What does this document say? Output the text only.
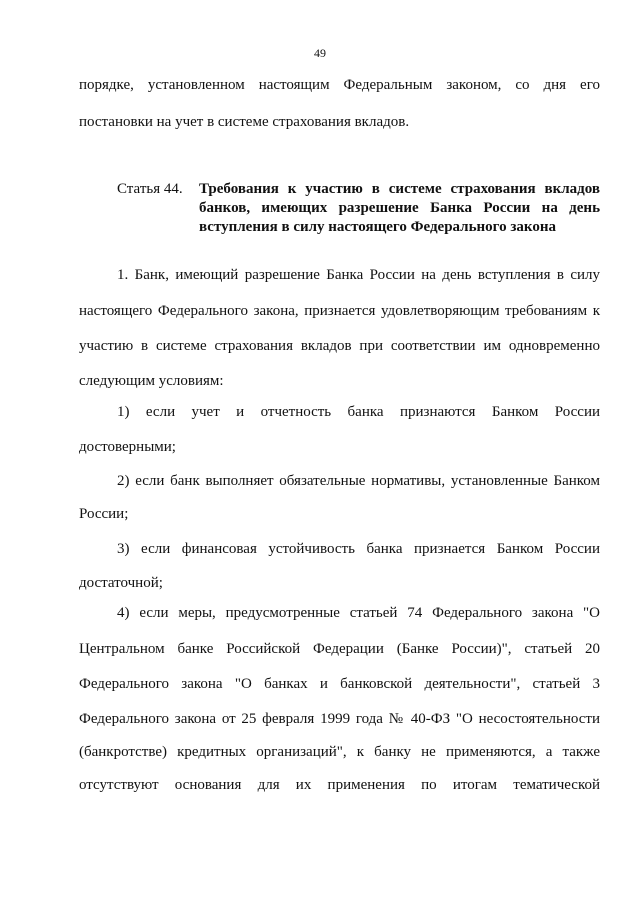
49
порядке, установленном настоящим Федеральным законом, со дня его
постановки на учет в системе страхования вкладов.
Статья 44. Требования к участию в системе страхования вкладов
банков, имеющих разрешение Банка России на день
вступления в силу настоящего Федерального закона
1. Банк, имеющий разрешение Банка России на день вступления в силу
настоящего Федерального закона, признается удовлетворяющим требованиям к
участию в системе страхования вкладов при соответствии им одновременно
следующим условиям:
1) если учет и отчетность банка признаются Банком России
достоверными;
2) если банк выполняет обязательные нормативы, установленные Банком
России;
3) если финансовая устойчивость банка признается Банком России
достаточной;
4) если меры, предусмотренные статьей 74 Федерального закона "О
Центральном банке Российской Федерации (Банке России)", статьей 20
Федерального закона "О банках и банковской деятельности", статьей 3
Федерального закона от 25 февраля 1999 года № 40-ФЗ "О несостоятельности
(банкротстве) кредитных организаций", к банку не применяются, а также
отсутствуют основания для их применения по итогам тематической
